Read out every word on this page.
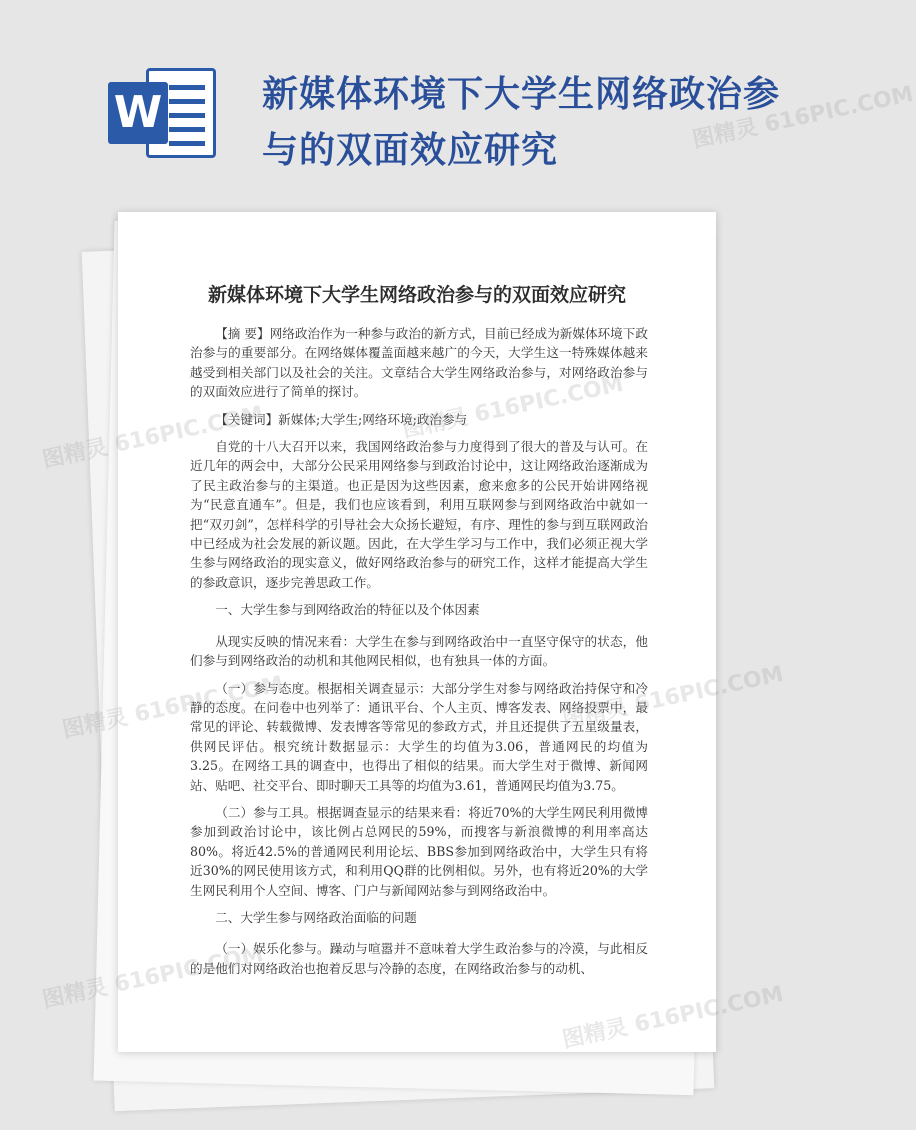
W	新媒体环境下大学生网络政治参与的双面效应研究
新媒体环境下大学生网络政治参与的双面效应研究

【摘 要】网络政治作为一种参与政治的新方式，目前已经成为新媒体环境下政治参与的重要部分。在网络媒体覆盖面越来越广的今天，大学生这一特殊媒体越来越受到相关部门以及社会的关注。文章结合大学生网络政治参与，对网络政治参与的双面效应进行了简单的探讨。

【关键词】新媒体;大学生;网络环境;政治参与

自党的十八大召开以来，我国网络政治参与力度得到了很大的普及与认可。在近几年的两会中，大部分公民采用网络参与到政治讨论中，这让网络政治逐渐成为了民主政治参与的主渠道。也正是因为这些因素，愈来愈多的公民开始讲网络视为“民意直通车”。但是，我们也应该看到，利用互联网参与到网络政治中就如一把“双刃剑”，怎样科学的引导社会大众扬长避短，有序、理性的参与到互联网政治中已经成为社会发展的新议题。因此，在大学生学习与工作中，我们必须正视大学生参与网络政治的现实意义，做好网络政治参与的研究工作，这样才能提高大学生的参政意识，逐步完善思政工作。

一、大学生参与到网络政治的特征以及个体因素

从现实反映的情况来看：大学生在参与到网络政治中一直坚守保守的状态，他们参与到网络政治的动机和其他网民相似，也有独具一体的方面。

（一）参与态度。根据相关调查显示：大部分学生对参与网络政治持保守和冷静的态度。在问卷中也列举了：通讯平台、个人主页、博客发表、网络投票中，最常见的评论、转载微博、发表博客等常见的参政方式，并且还提供了五星级量表，供网民评估。根究统计数据显示：大学生的均值为3.06，普通网民的均值为3.25。在网络工具的调查中，也得出了相似的结果。而大学生对于微博、新闻网站、贴吧、社交平台、即时聊天工具等的均值为3.61，普通网民均值为3.75。

（二）参与工具。根据调查显示的结果来看：将近70%的大学生网民利用微博参加到政治讨论中，该比例占总网民的59%，而搜客与新浪微博的利用率高达80%。将近42.5%的普通网民利用论坛、BBS参加到网络政治中，大学生只有将近30%的网民使用该方式，和利用QQ群的比例相似。另外，也有将近20%的大学生网民利用个人空间、博客、门户与新闻网站参与到网络政治中。

二、大学生参与网络政治面临的问题

（一）娱乐化参与。躁动与喧嚣并不意味着大学生政治参与的冷漠，与此相反的是他们对网络政治也抱着反思与冷静的态度，在网络政治参与的动机、

图精灵 616PIC.COM
图精灵 616PIC.COM	图精灵 616PIC.COM
图精灵 616PIC.COM	图精灵 616PIC.COM
图精灵 616PIC.COM
图精灵 616PIC.COM
